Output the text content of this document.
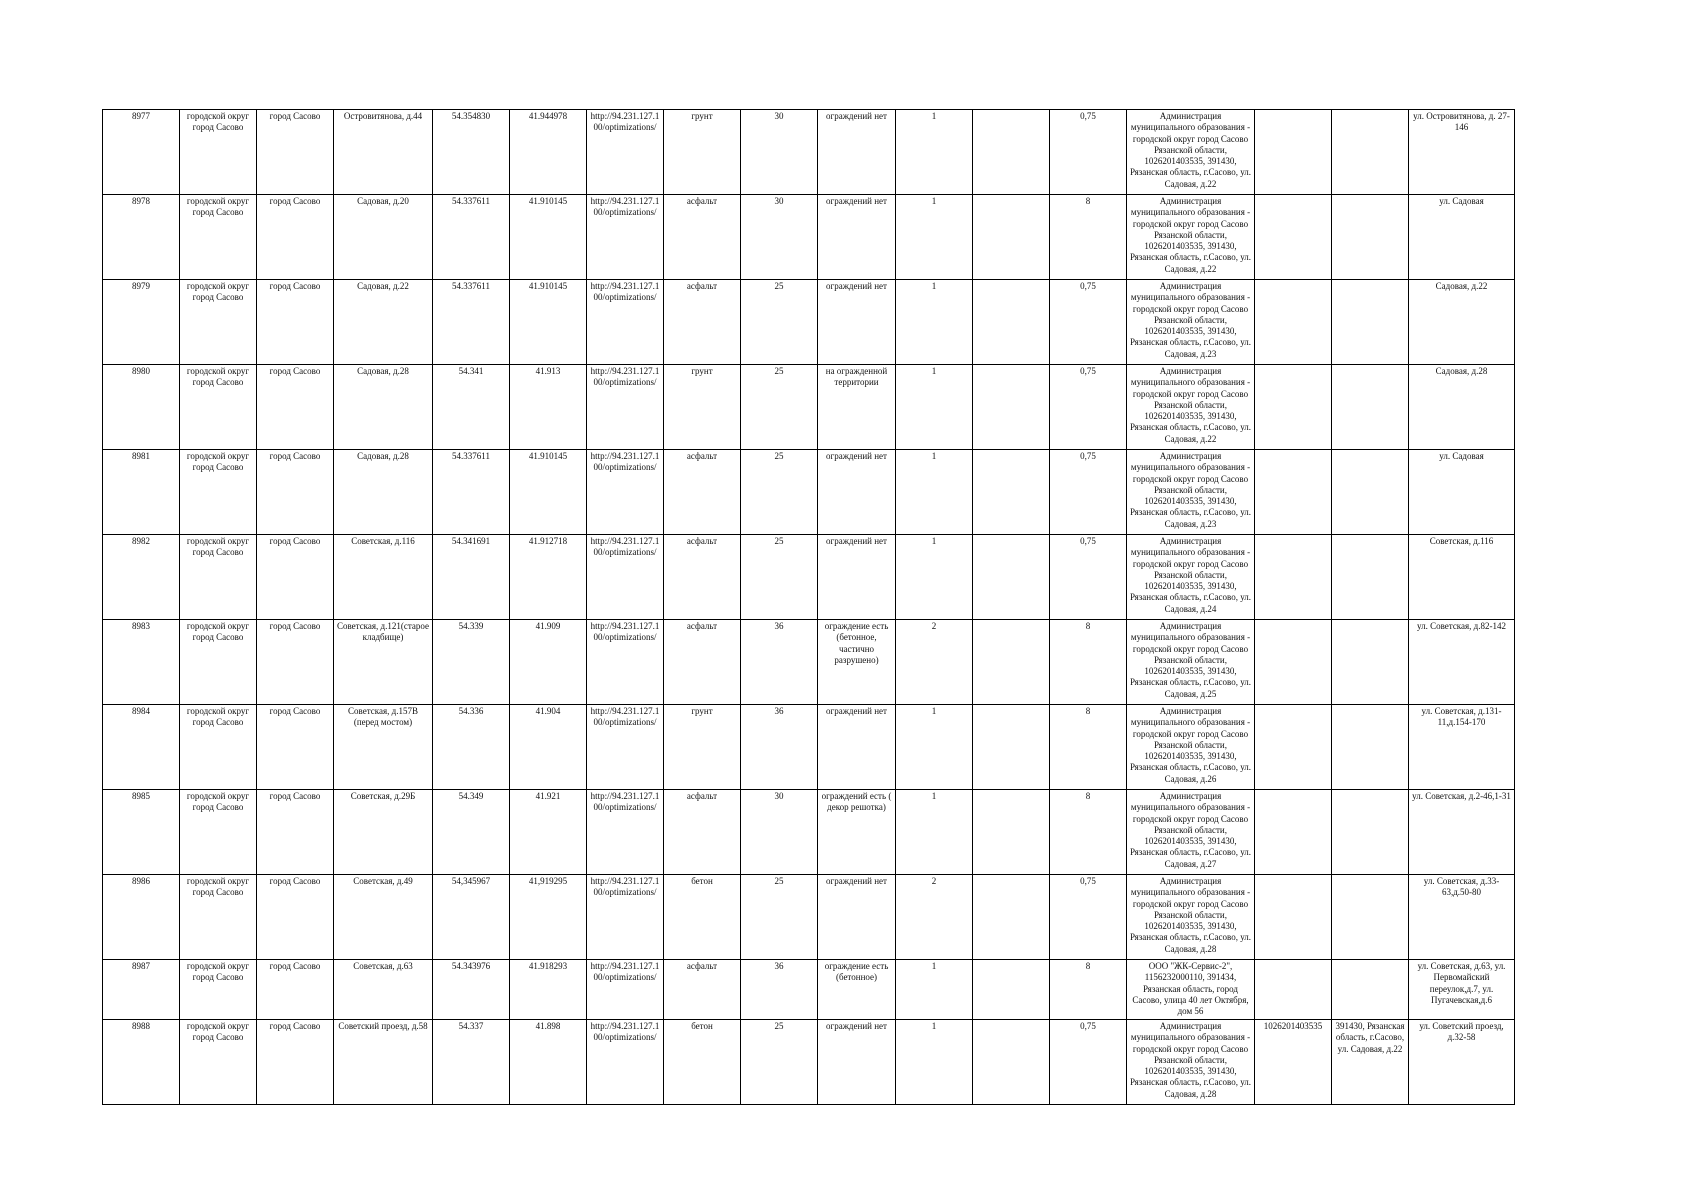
8977	городской округ город Сасово	город Сасово	Островитянова, д.44	54.354830	41.944978	http://94.231.127.100/optimizations/	грунт	30	ограждений нет	1		0,75	Администрация муниципального образования - городской округ город Сасово Рязанской области, 1026201403535, 391430, Рязанская область, г.Сасово, ул. Садовая, д.22			ул. Островитянова, д. 27-146
8978	городской округ город Сасово	город Сасово	Садовая, д.20	54.337611	41.910145	http://94.231.127.100/optimizations/	асфальт	30	ограждений нет	1		8	Администрация муниципального образования - городской округ город Сасово Рязанской области, 1026201403535, 391430, Рязанская область, г.Сасово, ул. Садовая, д.22			ул. Садовая
8979	городской округ город Сасово	город Сасово	Садовая, д.22	54.337611	41.910145	http://94.231.127.100/optimizations/	асфальт	25	ограждений нет	1		0,75	Администрация муниципального образования - городской округ город Сасово Рязанской области, 1026201403535, 391430, Рязанская область, г.Сасово, ул. Садовая, д.23			Садовая, д.22
8980	городской округ город Сасово	город Сасово	Садовая, д.28	54.341	41.913	http://94.231.127.100/optimizations/	грунт	25	на огражденной территории	1		0,75	Администрация муниципального образования - городской округ город Сасово Рязанской области, 1026201403535, 391430, Рязанская область, г.Сасово, ул. Садовая, д.22			Садовая, д.28
8981	городской округ город Сасово	город Сасово	Садовая, д.28	54.337611	41.910145	http://94.231.127.100/optimizations/	асфальт	25	ограждений нет	1		0,75	Администрация муниципального образования - городской округ город Сасово Рязанской области, 1026201403535, 391430, Рязанская область, г.Сасово, ул. Садовая, д.23			ул. Садовая
8982	городской округ город Сасово	город Сасово	Советская, д.116	54.341691	41.912718	http://94.231.127.100/optimizations/	асфальт	25	ограждений нет	1		0,75	Администрация муниципального образования - городской округ город Сасово Рязанской области, 1026201403535, 391430, Рязанская область, г.Сасово, ул. Садовая, д.24			Советская, д.116
8983	городской округ город Сасово	город Сасово	Советская, д.121(старое кладбище)	54.339	41.909	http://94.231.127.100/optimizations/	асфальт	36	ограждение есть (бетонное, частично разрушено)	2		8	Администрация муниципального образования - городской округ город Сасово Рязанской области, 1026201403535, 391430, Рязанская область, г.Сасово, ул. Садовая, д.25			ул. Советская, д.82-142
8984	городской округ город Сасово	город Сасово	Советская, д.157В (перед мостом)	54.336	41.904	http://94.231.127.100/optimizations/	грунт	36	ограждений нет	1		8	Администрация муниципального образования - городской округ город Сасово Рязанской области, 1026201403535, 391430, Рязанская область, г.Сасово, ул. Садовая, д.26			ул. Советская, д.131-11,д.154-170
8985	городской округ город Сасово	город Сасово	Советская, д.29Б	54.349	41.921	http://94.231.127.100/optimizations/	асфальт	30	ограждений есть ( декор решотка)	1		8	Администрация муниципального образования - городской округ город Сасово Рязанской области, 1026201403535, 391430, Рязанская область, г.Сасово, ул. Садовая, д.27			ул. Советская, д.2-46,1-31
8986	городской округ город Сасово	город Сасово	Советская, д.49	54,345967	41,919295	http://94.231.127.100/optimizations/	бетон	25	ограждений нет	2		0,75	Администрация муниципального образования - городской округ город Сасово Рязанской области, 1026201403535, 391430, Рязанская область, г.Сасово, ул. Садовая, д.28			ул. Советская, д.33-63,д.50-80
8987	городской округ город Сасово	город Сасово	Советская, д.63	54.343976	41.918293	http://94.231.127.100/optimizations/	асфальт	36	ограждение есть (бетонное)	1		8	ООО "ЖК-Сервис-2", 1156232000110, 391434, Рязанская область, город Сасово, улица 40 лет Октября, дом 56			ул. Советская, д.63, ул. Первомайский переулок,д.7, ул. Пугачевская,д.6
8988	городской округ город Сасово	город Сасово	Советский проезд, д.58	54.337	41.898	http://94.231.127.100/optimizations/	бетон	25	ограждений нет	1		0,75	Администрация муниципального образования - городской округ город Сасово Рязанской области, 1026201403535, 391430, Рязанская область, г.Сасово, ул. Садовая, д.28	1026201403535	391430, Рязанская область, г.Сасово, ул. Садовая, д.22	ул. Советский проезд, д.32-58
